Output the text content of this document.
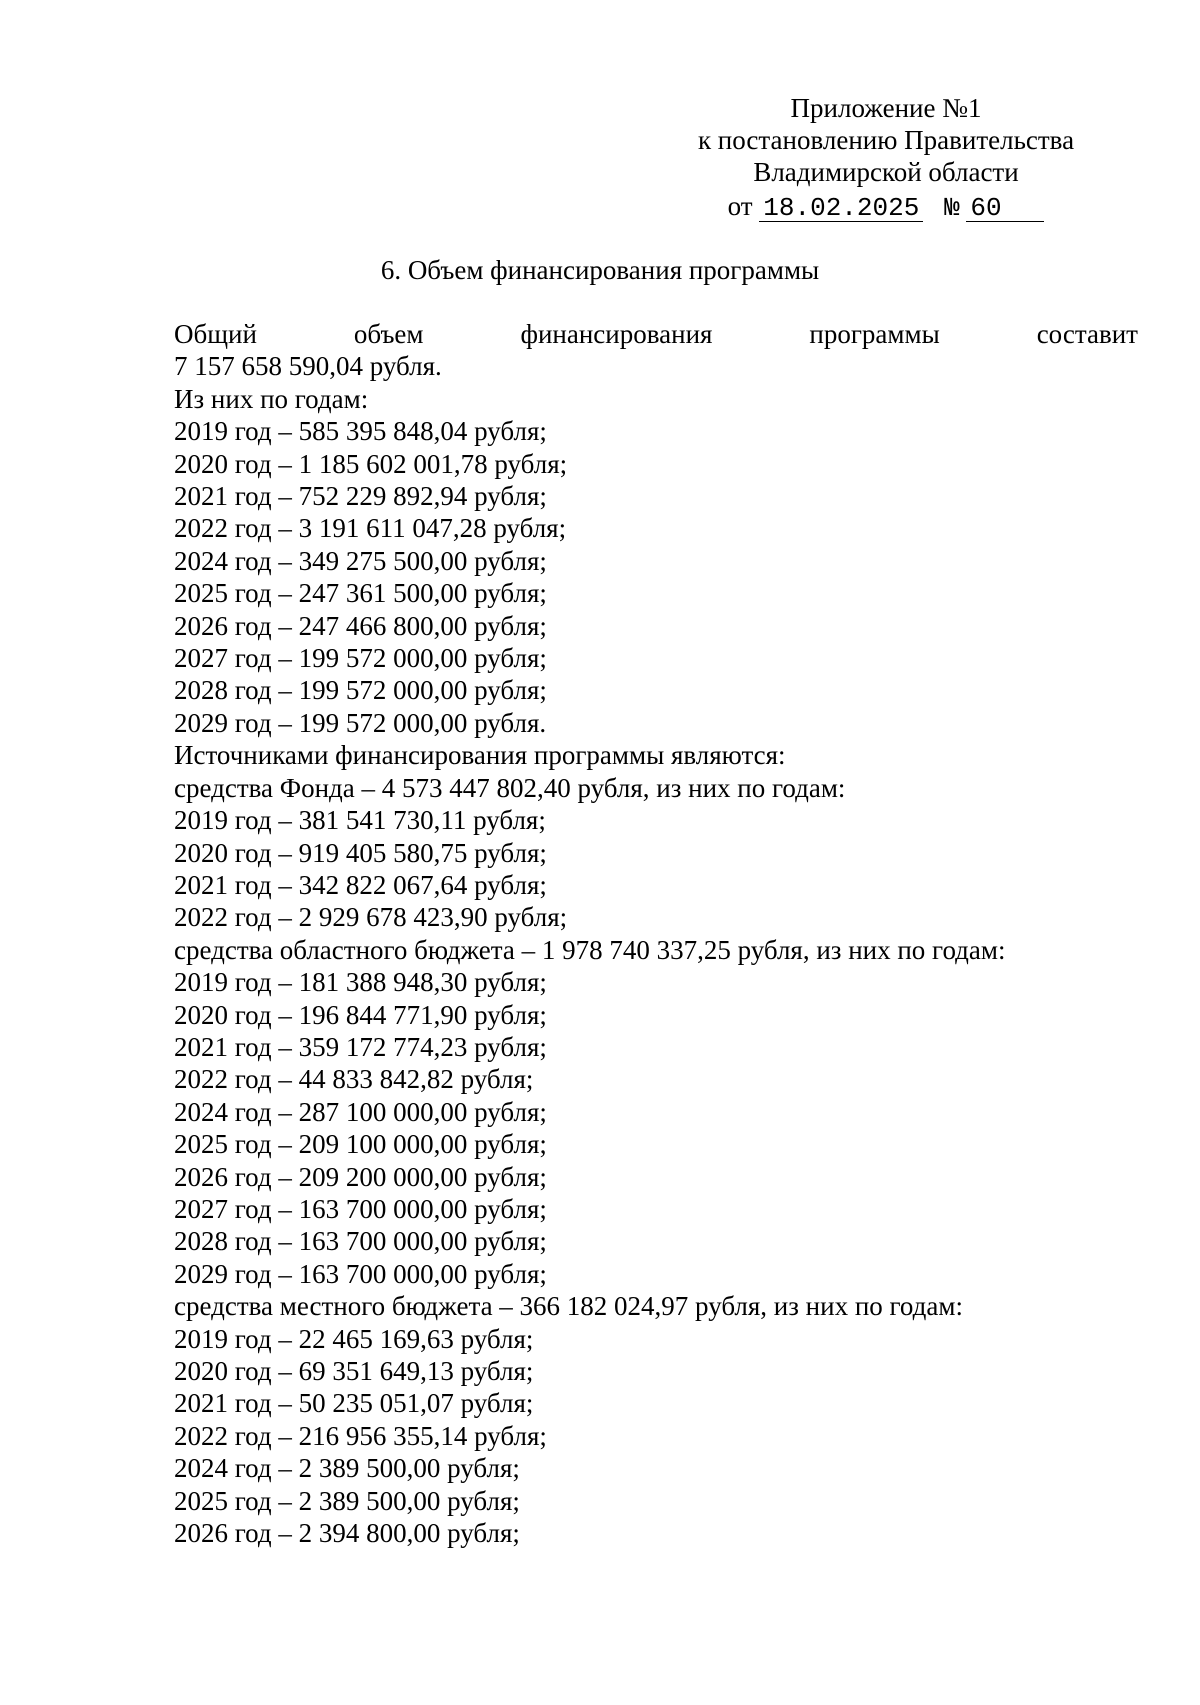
Приложение №1
к постановлению Правительства
Владимирской области
от 18.02.2025 № 60
6. Объем финансирования программы
Общий	объем	финансирования	программы	составит
7 157 658 590,04 рубля.
Из них по годам:
2019 год – 585 395 848,04 рубля;
2020 год – 1 185 602 001,78 рубля;
2021 год – 752 229 892,94 рубля;
2022 год – 3 191 611 047,28 рубля;
2024 год – 349 275 500,00 рубля;
2025 год – 247 361 500,00 рубля;
2026 год – 247 466 800,00 рубля;
2027 год – 199 572 000,00 рубля;
2028 год – 199 572 000,00 рубля;
2029 год – 199 572 000,00 рубля.
Источниками финансирования программы являются:
средства Фонда – 4 573 447 802,40 рубля, из них по годам:
2019 год – 381 541 730,11 рубля;
2020 год – 919 405 580,75 рубля;
2021 год – 342 822 067,64 рубля;
2022 год – 2 929 678 423,90 рубля;
средства областного бюджета – 1 978 740 337,25 рубля, из них по годам:
2019 год – 181 388 948,30 рубля;
2020 год – 196 844 771,90 рубля;
2021 год – 359 172 774,23 рубля;
2022 год – 44 833 842,82 рубля;
2024 год – 287 100 000,00 рубля;
2025 год – 209 100 000,00 рубля;
2026 год – 209 200 000,00 рубля;
2027 год – 163 700 000,00 рубля;
2028 год – 163 700 000,00 рубля;
2029 год – 163 700 000,00 рубля;
средства местного бюджета – 366 182 024,97 рубля, из них по годам:
2019 год – 22 465 169,63 рубля;
2020 год – 69 351 649,13 рубля;
2021 год – 50 235 051,07 рубля;
2022 год – 216 956 355,14 рубля;
2024 год – 2 389 500,00 рубля;
2025 год – 2 389 500,00 рубля;
2026 год – 2 394 800,00 рубля;
